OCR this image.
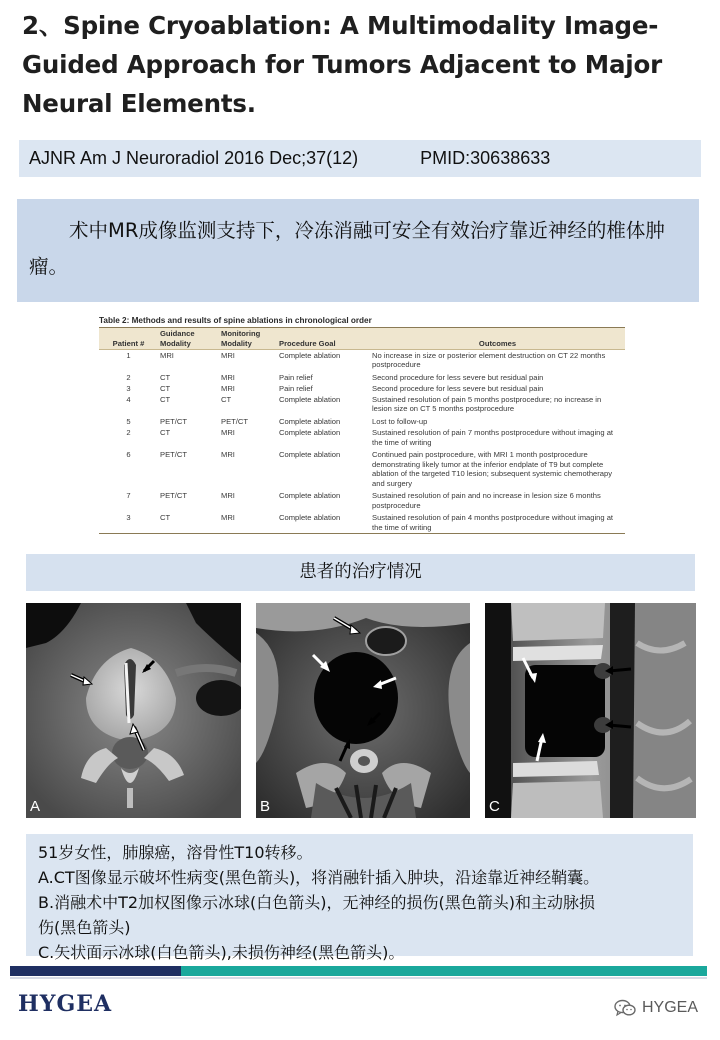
2、Spine Cryoablation: A Multimodality Image-Guided Approach for Tumors Adjacent to Major Neural Elements.
AJNR Am J Neuroradiol 2016 Dec;37(12)	PMID:30638633
术中MR成像监测支持下，冷冻消融可安全有效治疗靠近神经的椎体肿瘤。
Table 2: Methods and results of spine ablations in chronological order
Patient #	Guidance Modality	Monitoring Modality	Procedure Goal	Outcomes
1	MRI	MRI	Complete ablation	No increase in size or posterior element destruction on CT 22 months postprocedure
2	CT	MRI	Pain relief	Second procedure for less severe but residual pain
3	CT	MRI	Pain relief	Second procedure for less severe but residual pain
4	CT	CT	Complete ablation	Sustained resolution of pain 5 months postprocedure; no increase in lesion size on CT 5 months postprocedure
5	PET/CT	PET/CT	Complete ablation	Lost to follow-up
2	CT	MRI	Complete ablation	Sustained resolution of pain 7 months postprocedure without imaging at the time of writing
6	PET/CT	MRI	Complete ablation	Continued pain postprocedure, with MRI 1 month postprocedure demonstrating likely tumor at the inferior endplate of T9 but complete ablation of the targeted T10 lesion; subsequent systemic chemotherapy and surgery
7	PET/CT	MRI	Complete ablation	Sustained resolution of pain and no increase in lesion size 6 months postprocedure
3	CT	MRI	Complete ablation	Sustained resolution of pain 4 months postprocedure without imaging at the time of writing
患者的治疗情况
A	B	C
51岁女性，肺腺癌，溶骨性T10转移。
A.CT图像显示破坏性病变(黑色箭头)，将消融针插入肿块，沿途靠近神经鞘囊。
B.消融术中T2加权图像示冰球(白色箭头)，无神经的损伤(黑色箭头)和主动脉损
伤(黑色箭头)
C.矢状面示冰球(白色箭头),未损伤神经(黑色箭头)。
HYGEA	HYGEA
